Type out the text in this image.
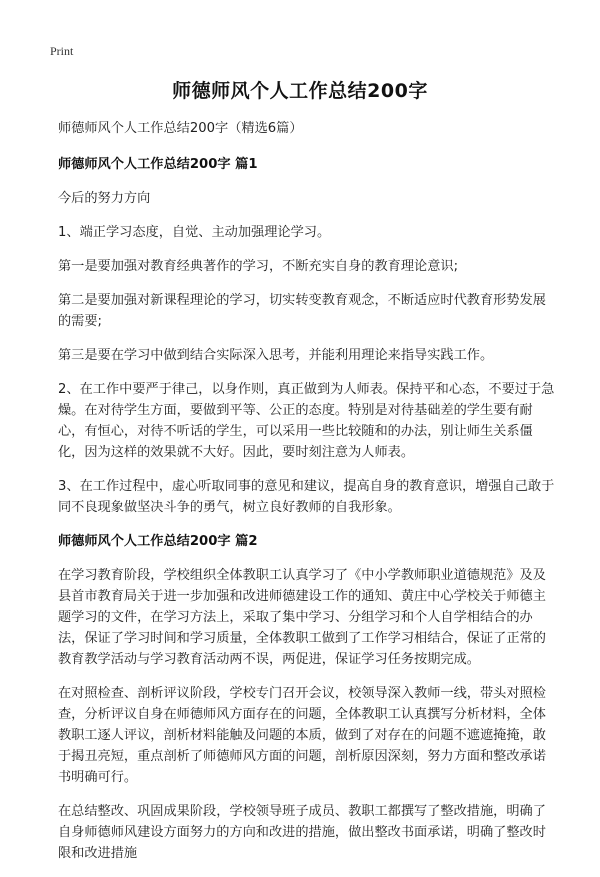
Print
师德师风个人工作总结200字

师德师风个人工作总结200字（精选6篇）

师德师风个人工作总结200字 篇1

今后的努力方向

1、端正学习态度，自觉、主动加强理论学习。

第一是要加强对教育经典著作的学习，不断充实自身的教育理论意识;

第二是要加强对新课程理论的学习，切实转变教育观念，不断适应时代教育形势发展的需要;

第三是要在学习中做到结合实际深入思考，并能利用理论来指导实践工作。

2、在工作中要严于律己，以身作则，真正做到为人师表。保持平和心态，不要过于急燥。在对待学生方面，要做到平等、公正的态度。特别是对待基础差的学生要有耐心，有恒心，对待不听话的学生，可以采用一些比较随和的办法，别让师生关系僵化，因为这样的效果就不大好。因此，要时刻注意为人师表。

3、在工作过程中，虚心听取同事的意见和建议，提高自身的教育意识，增强自己敢于同不良现象做坚决斗争的勇气，树立良好教师的自我形象。

师德师风个人工作总结200字 篇2

在学习教育阶段，学校组织全体教职工认真学习了《中小学教师职业道德规范》及及县首市教育局关于进一步加强和改进师德建设工作的通知、黄庄中心学校关于师德主题学习的文件，在学习方法上，采取了集中学习、分组学习和个人自学相结合的办法，保证了学习时间和学习质量，全体教职工做到了工作学习相结合，保证了正常的教育教学活动与学习教育活动两不误，两促进，保证学习任务按期完成。

在对照检查、剖析评议阶段，学校专门召开会议，校领导深入教师一线，带头对照检查，分析评议自身在师德师风方面存在的问题，全体教职工认真撰写分析材料，全体教职工逐人评议，剖析材料能触及问题的本质，做到了对存在的问题不遮遮掩掩，敢于揭丑亮短，重点剖析了师德师风方面的问题，剖析原因深刻，努力方面和整改承诺书明确可行。

在总结整改、巩固成果阶段，学校领导班子成员、教职工都撰写了整改措施，明确了自身师德师风建设方面努力的方向和改进的措施，做出整改书面承诺，明确了整改时限和改进措施
